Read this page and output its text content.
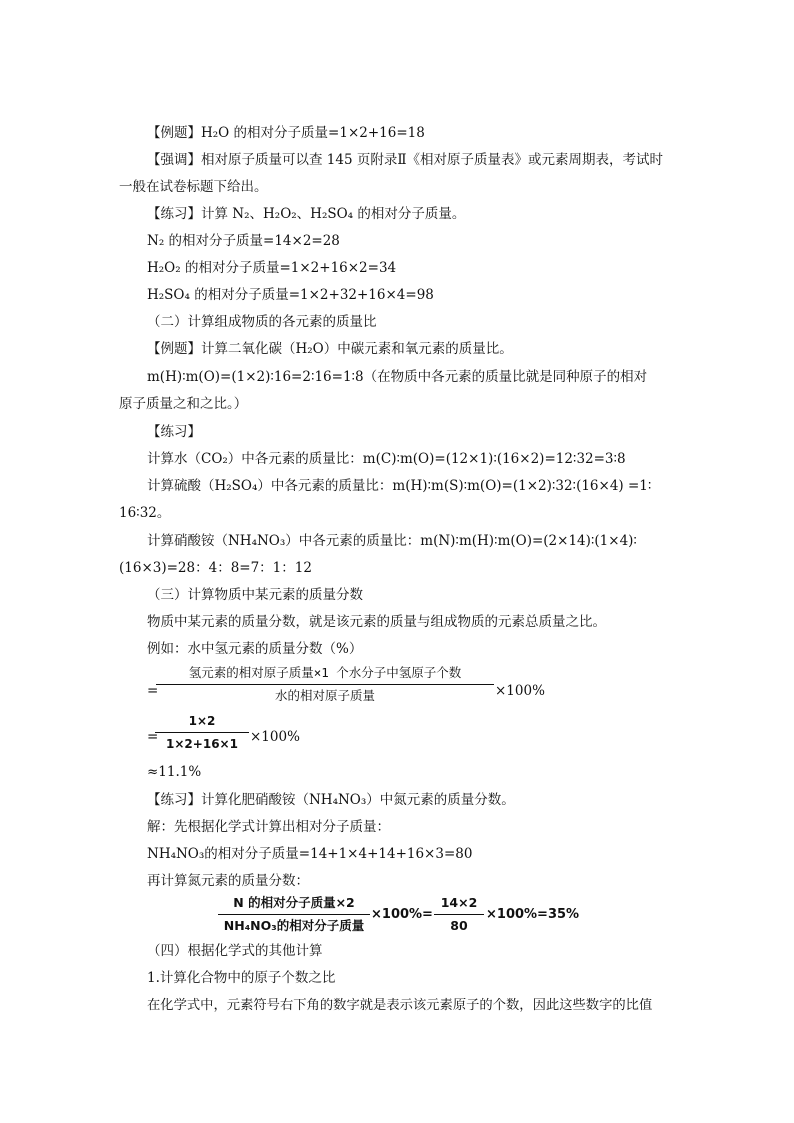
【例题】H₂O 的相对分子质量=1×2+16=18
【强调】相对原子质量可以查 145 页附录Ⅱ《相对原子质量表》或元素周期表，考试时
一般在试卷标题下给出。
【练习】计算 N₂、H₂O₂、H₂SO₄ 的相对分子质量。
N₂ 的相对分子质量=14×2=28
H₂O₂ 的相对分子质量=1×2+16×2=34
H₂SO₄ 的相对分子质量=1×2+32+16×4=98
（二）计算组成物质的各元素的质量比
【例题】计算二氧化碳（H₂O）中碳元素和氧元素的质量比。
m(H)∶m(O)=(1×2)∶16=2∶16=1∶8（在物质中各元素的质量比就是同种原子的相对
原子质量之和之比。）
【练习】
计算水（CO₂）中各元素的质量比：m(C)∶m(O)=(12×1)∶(16×2)=12∶32=3∶8
计算硫酸（H₂SO₄）中各元素的质量比：m(H)∶m(S)∶m(O)=(1×2)∶32∶(16×4) =1∶
16∶32。
计算硝酸铵（NH₄NO₃）中各元素的质量比：m(N)∶m(H)∶m(O)=(2×14)∶(1×4)∶
(16×3)=28：4：8=7：1：12
（三）计算物质中某元素的质量分数
物质中某元素的质量分数，就是该元素的质量与组成物质的元素总质量之比。
例如：水中氢元素的质量分数（%）
=
氢元素的相对原子质量×1 个水分子中氢原子个数
水的相对原子质量	×100%
=
1×2
1×2+16×1 ×100%
≈11.1%
【练习】计算化肥硝酸铵（NH₄NO₃）中氮元素的质量分数。
解：先根据化学式计算出相对分子质量：
NH₄NO₃的相对分子质量=14+1×4+14+16×3=80
再计算氮元素的质量分数：
N 的相对分子质量×2
NH₄NO₃的相对分子质量
×100%=
14×2
80
×100%=35%
（四）根据化学式的其他计算
1.计算化合物中的原子个数之比
在化学式中，元素符号右下角的数字就是表示该元素原子的个数，因此这些数字的比值
